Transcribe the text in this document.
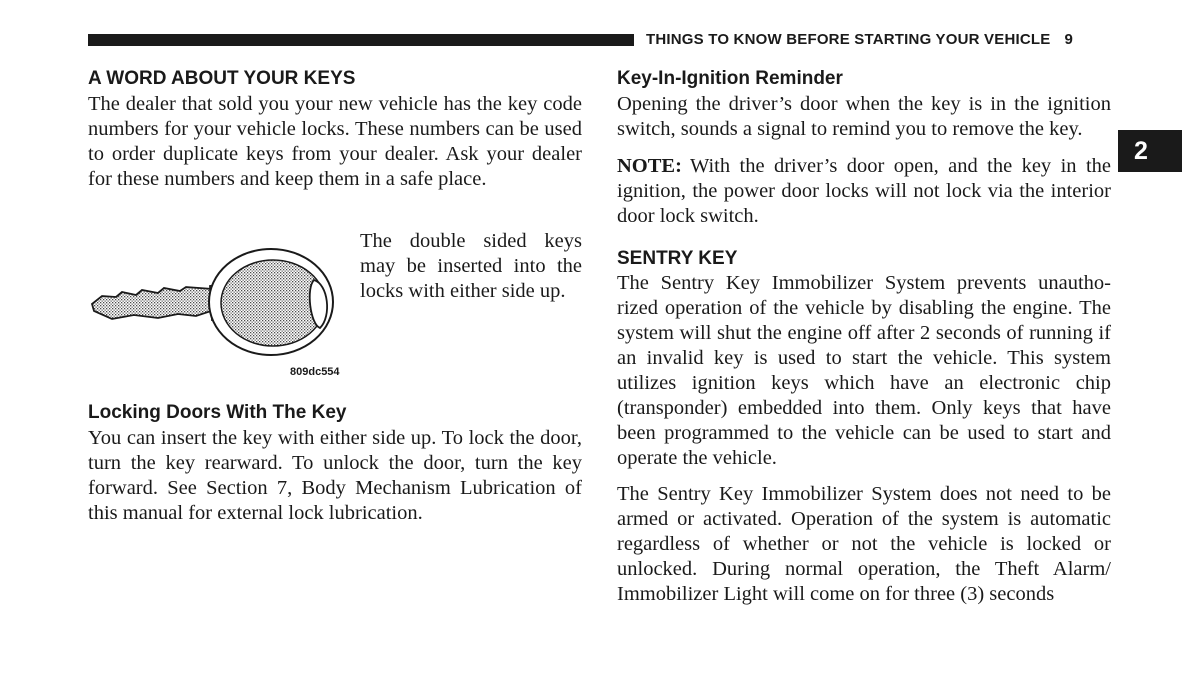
THINGS TO KNOW BEFORE STARTING YOUR VEHICLE 9
2
A WORD ABOUT YOUR KEYS

The dealer that sold you your new vehicle has the key code numbers for your vehicle locks. These numbers can be used to order duplicate keys from your dealer. Ask your dealer for these numbers and keep them in a safe place.

809dc554

The double sided keys may be inserted into the locks with either side up.

Locking Doors With The Key

You can insert the key with either side up. To lock the door, turn the key rearward. To unlock the door, turn the key forward. See Section 7, Body Mechanism Lubrication of this manual for external lock lubrication.

Key-In-Ignition Reminder

Opening the driver’s door when the key is in the ignition switch, sounds a signal to remind you to remove the key.

NOTE: With the driver’s door open, and the key in the ignition, the power door locks will not lock via the interior door lock switch.

SENTRY KEY

The Sentry Key Immobilizer System prevents unautho-rized operation of the vehicle by disabling the engine. The system will shut the engine off after 2 seconds of running if an invalid key is used to start the vehicle. This system utilizes ignition keys which have an electronic chip (transponder) embedded into them. Only keys that have been programmed to the vehicle can be used to start and operate the vehicle.

The Sentry Key Immobilizer System does not need to be armed or activated. Operation of the system is automatic regardless of whether or not the vehicle is locked or unlocked. During normal operation, the Theft Alarm/ Immobilizer Light will come on for three (3) seconds
